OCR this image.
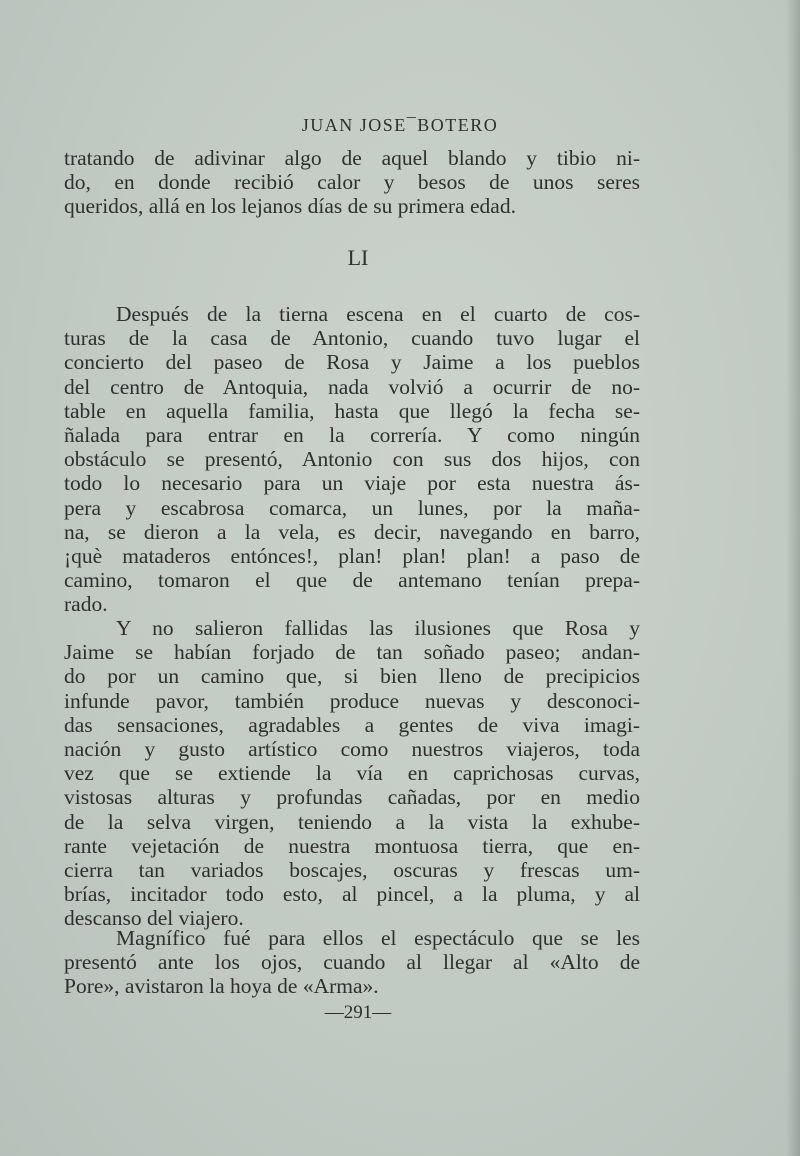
JUAN JOSE¯BOTERO
tratando de adivinar algo de aquel blando y tibio ni-
do, en donde recibió calor y besos de unos seres
queridos, allá en los lejanos días de su primera edad.
LI
Después de la tierna escena en el cuarto de cos-
turas de la casa de Antonio, cuando tuvo lugar el
concierto del paseo de Rosa y Jaime a los pueblos
del centro de Antoquia, nada volvió a ocurrir de no-
table en aquella familia, hasta que llegó la fecha se-
ñalada para entrar en la correría. Y como ningún
obstáculo se presentó, Antonio con sus dos hijos, con
todo lo necesario para un viaje por esta nuestra ás-
pera y escabrosa comarca, un lunes, por la maña-
na, se dieron a la vela, es decir, navegando en barro,
¡què mataderos entónces!, plan! plan! plan! a paso de
camino, tomaron el que de antemano tenían prepa-
rado.
Y no salieron fallidas las ilusiones que Rosa y
Jaime se habían forjado de tan soñado paseo; andan-
do por un camino que, si bien lleno de precipicios
infunde pavor, también produce nuevas y desconoci-
das sensaciones, agradables a gentes de viva imagi-
nación y gusto artístico como nuestros viajeros, toda
vez que se extiende la vía en caprichosas curvas,
vistosas alturas y profundas cañadas, por en medio
de la selva virgen, teniendo a la vista la exhube-
rante vejetación de nuestra montuosa tierra, que en-
cierra tan variados boscajes, oscuras y frescas um-
brías, incitador todo esto, al pincel, a la pluma, y al
descanso del viajero.
Magnífico fué para ellos el espectáculo que se les
presentó ante los ojos, cuando al llegar al «Alto de
Pore», avistaron la hoya de «Arma».
—291—
